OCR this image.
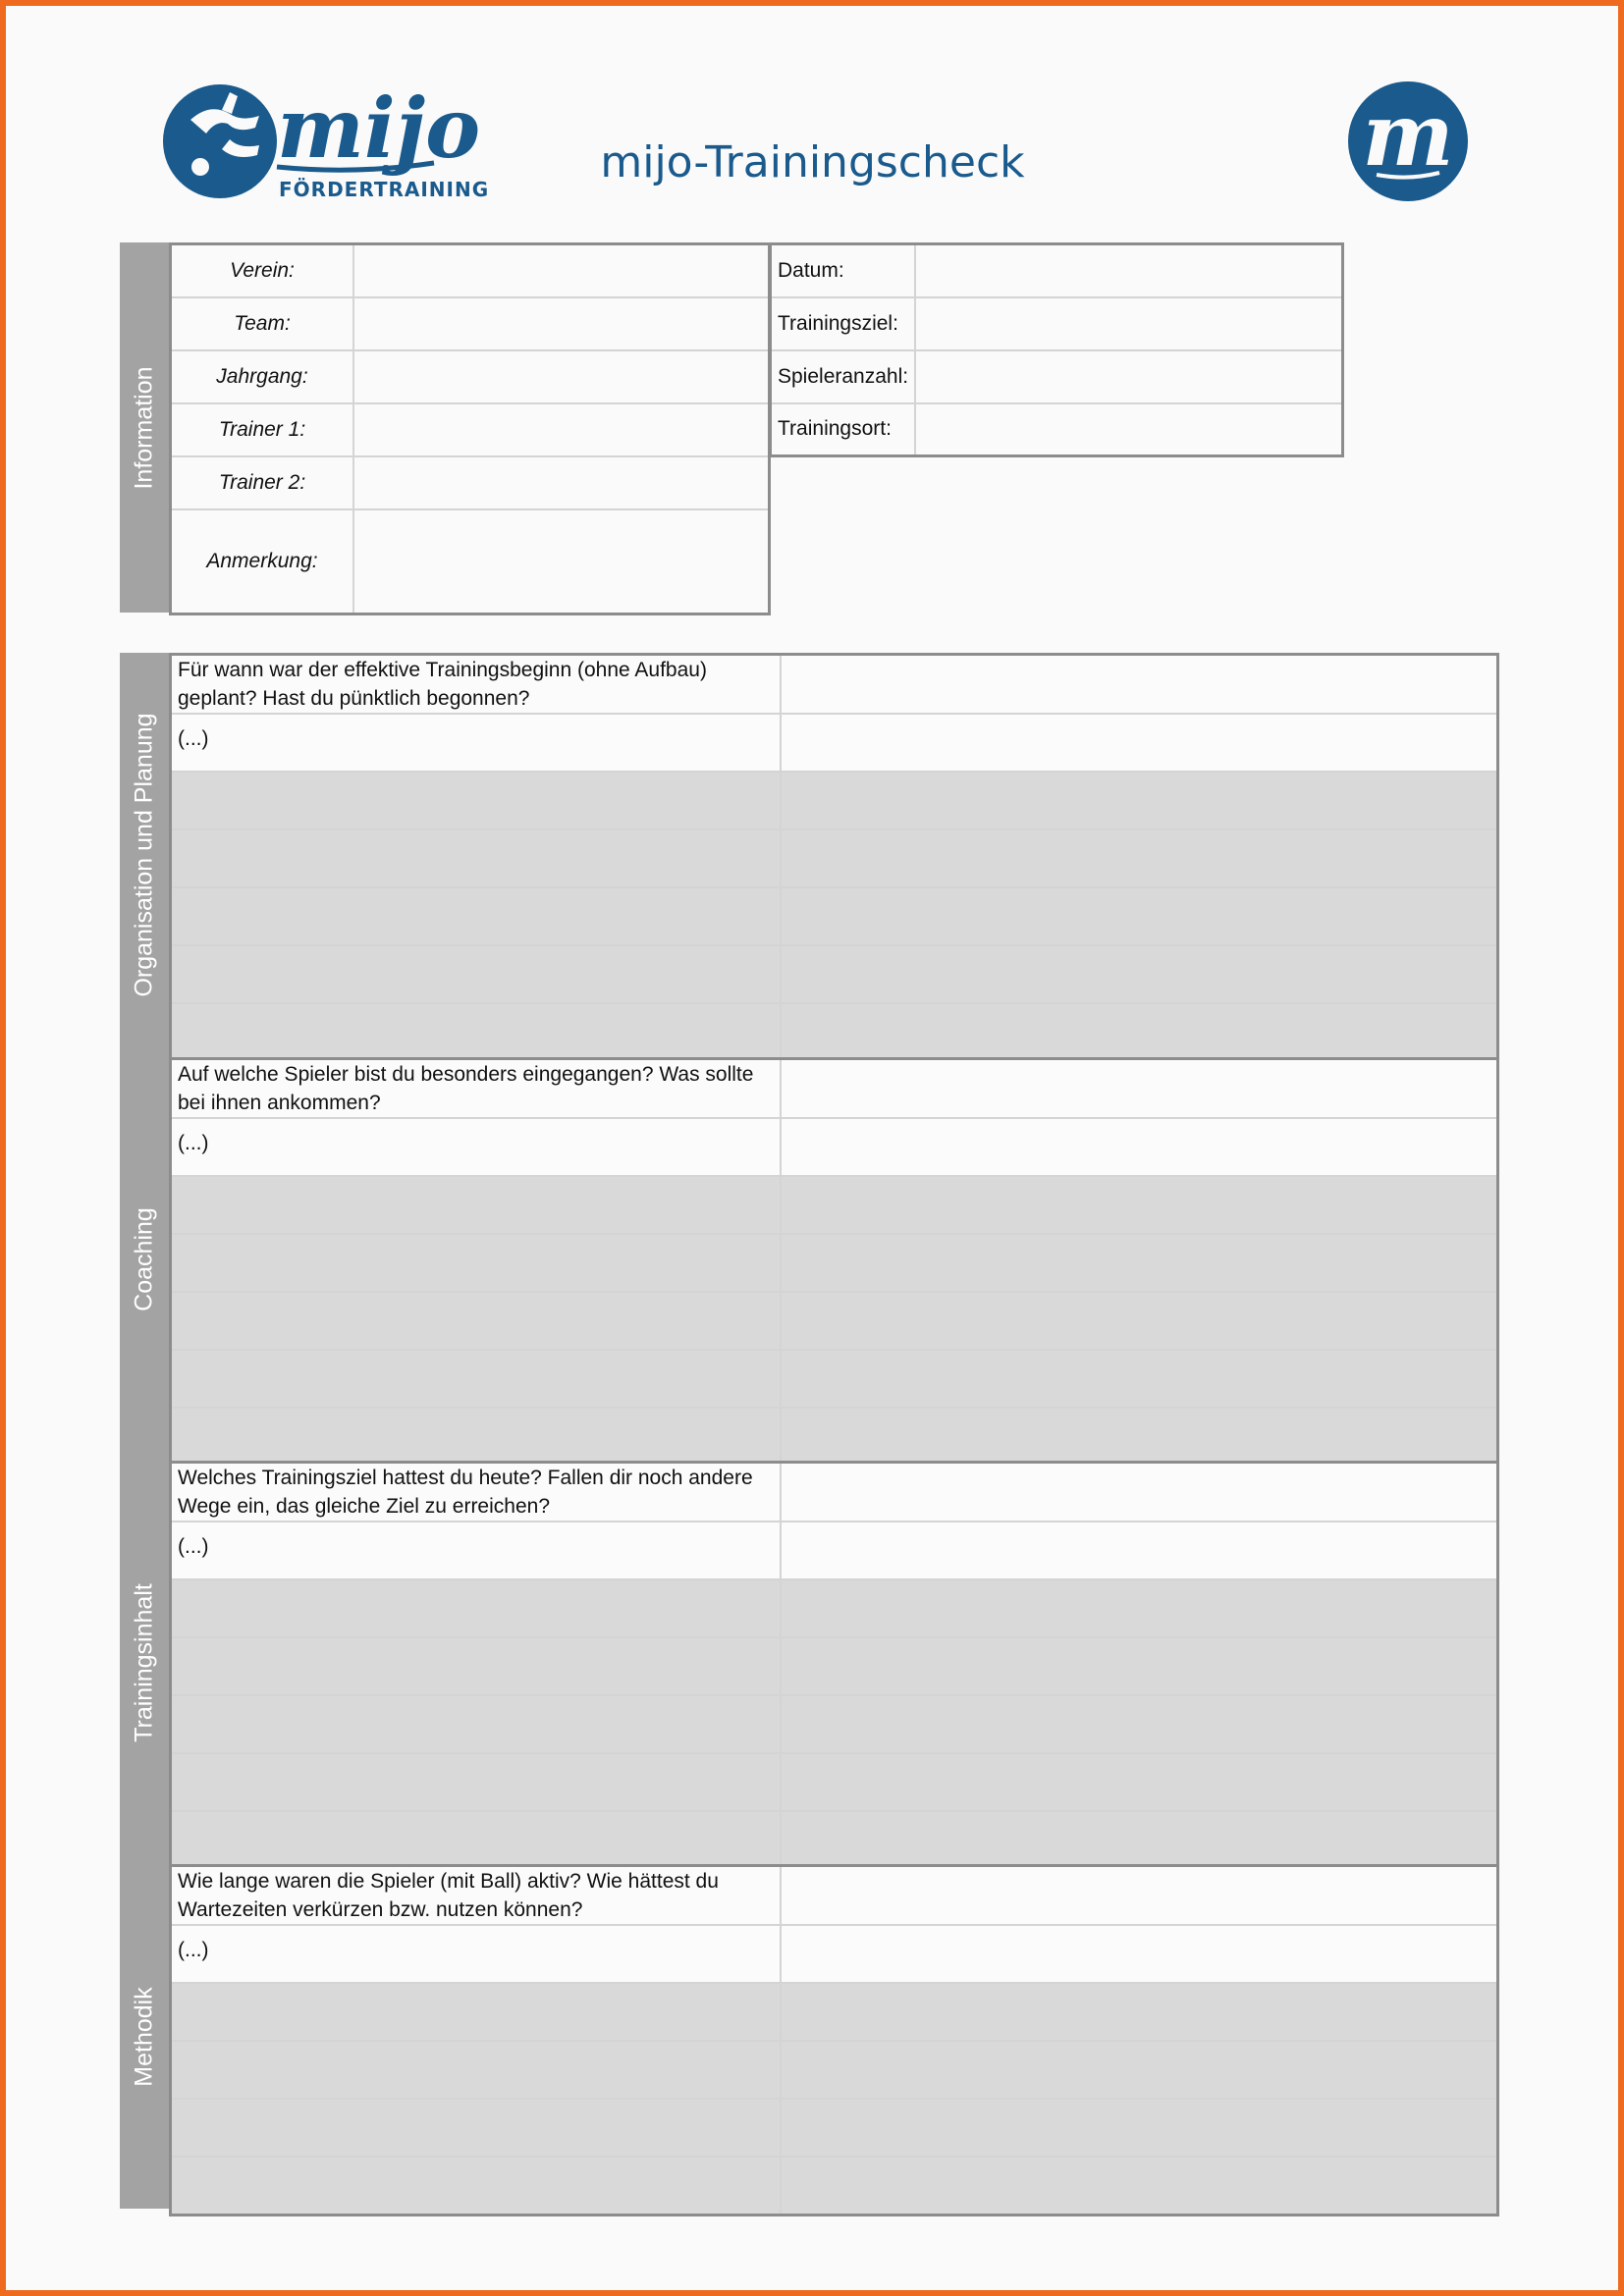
mijo
FÖRDERTRAINING
mijo-Trainingscheck	m
Information
Verein:	
Team:	
Jahrgang:	
Trainer 1:	
Trainer 2:	
Anmerkung:	
Datum:	
Trainingsziel:	
Spieleranzahl:	
Trainingsort:	
Organisation und Planung
Für wann war der effektive Trainingsbeginn (ohne Aufbau) geplant? Hast du pünktlich begonnen?	
(...)	

Coaching
Auf welche Spieler bist du besonders eingegangen? Was sollte bei ihnen ankommen?	
(...)	

Trainingsinhalt
Welches Trainingsziel hattest du heute? Fallen dir noch andere Wege ein, das gleiche Ziel zu erreichen?	
(...)	

Methodik
Wie lange waren die Spieler (mit Ball) aktiv? Wie hättest du Wartezeiten verkürzen bzw. nutzen können?	
(...)	
